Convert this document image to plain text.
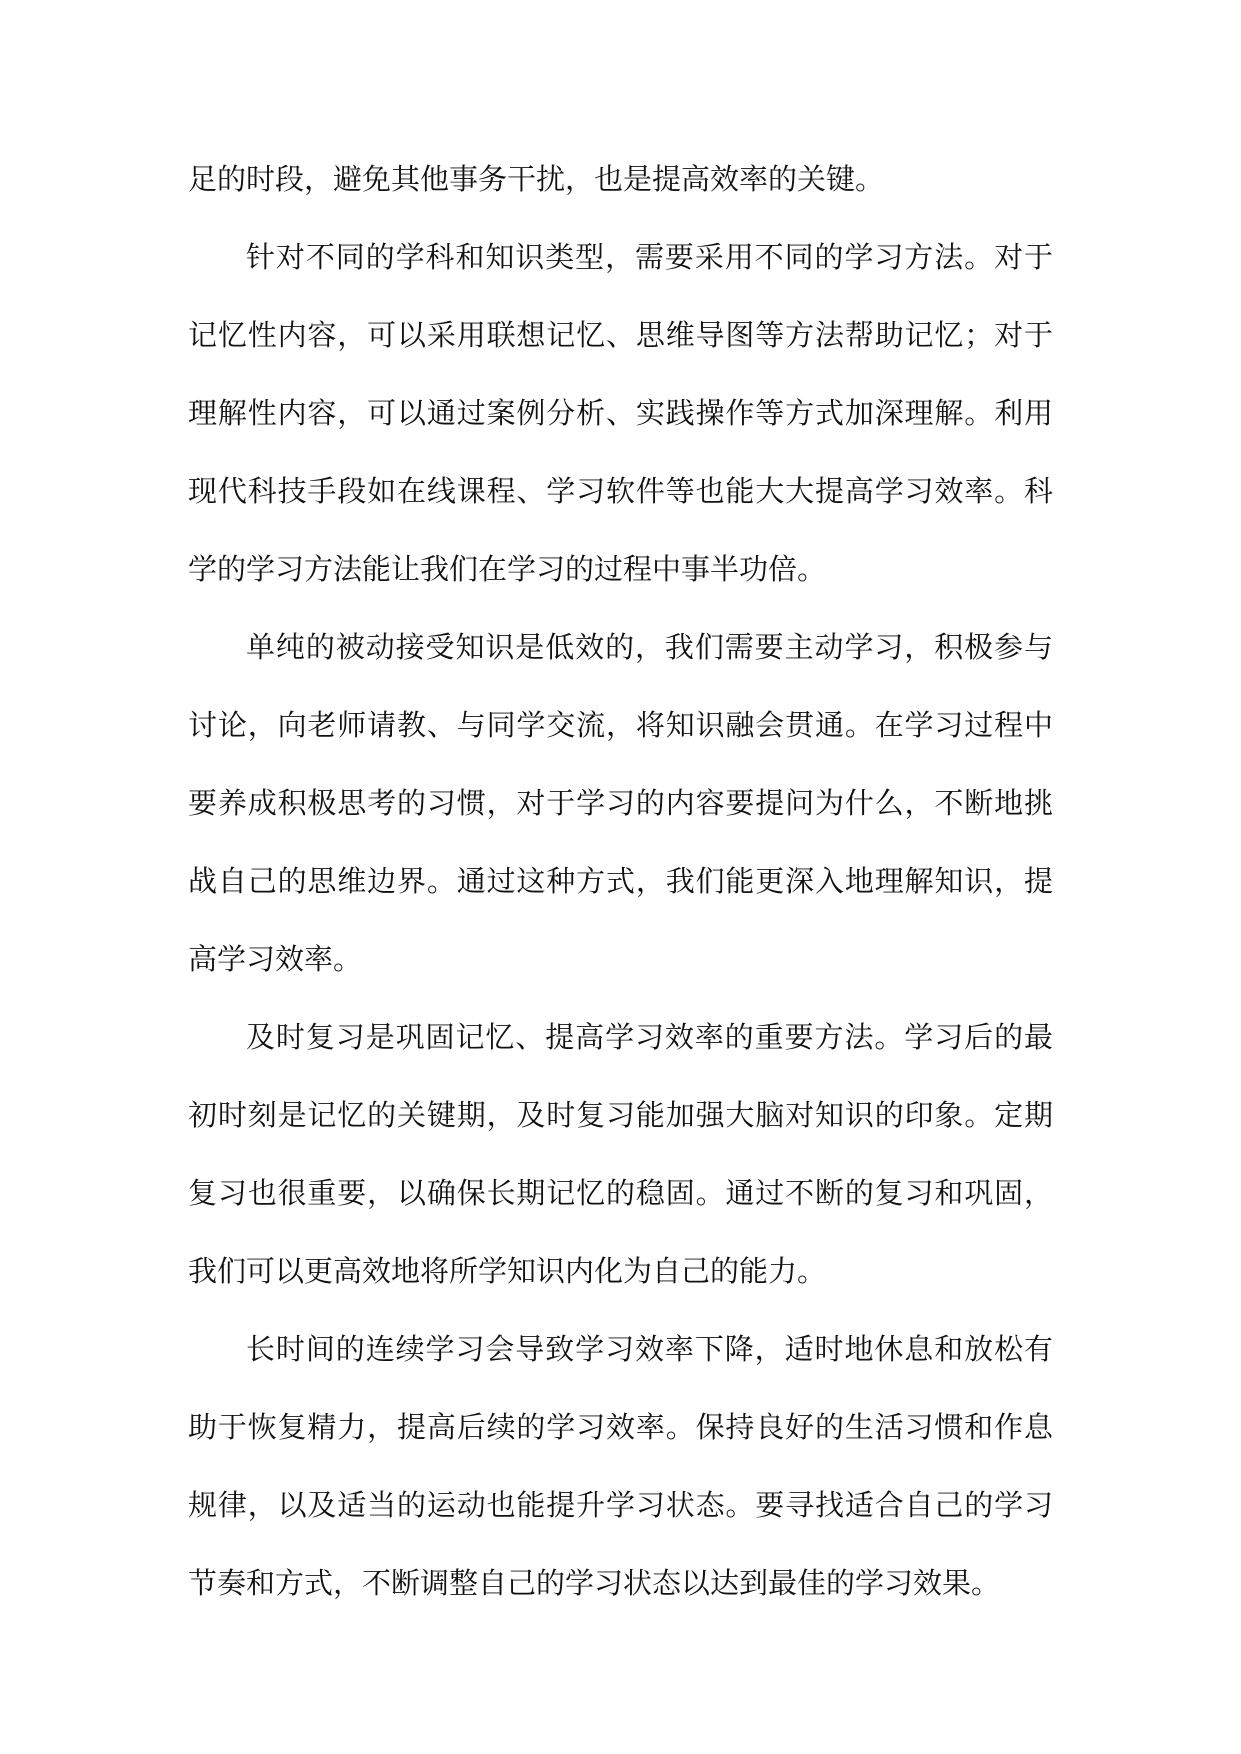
足的时段，避免其他事务干扰，也是提高效率的关键。

针对不同的学科和知识类型，需要采用不同的学习方法。对于记忆性内容，可以采用联想记忆、思维导图等方法帮助记忆；对于理解性内容，可以通过案例分析、实践操作等方式加深理解。利用现代科技手段如在线课程、学习软件等也能大大提高学习效率。科学的学习方法能让我们在学习的过程中事半功倍。

单纯的被动接受知识是低效的，我们需要主动学习，积极参与讨论，向老师请教、与同学交流，将知识融会贯通。在学习过程中要养成积极思考的习惯，对于学习的内容要提问为什么，不断地挑战自己的思维边界。通过这种方式，我们能更深入地理解知识，提高学习效率。

及时复习是巩固记忆、提高学习效率的重要方法。学习后的最初时刻是记忆的关键期，及时复习能加强大脑对知识的印象。定期复习也很重要，以确保长期记忆的稳固。通过不断的复习和巩固，我们可以更高效地将所学知识内化为自己的能力。

长时间的连续学习会导致学习效率下降，适时地休息和放松有助于恢复精力，提高后续的学习效率。保持良好的生活习惯和作息规律，以及适当的运动也能提升学习状态。要寻找适合自己的学习节奏和方式，不断调整自己的学习状态以达到最佳的学习效果。
